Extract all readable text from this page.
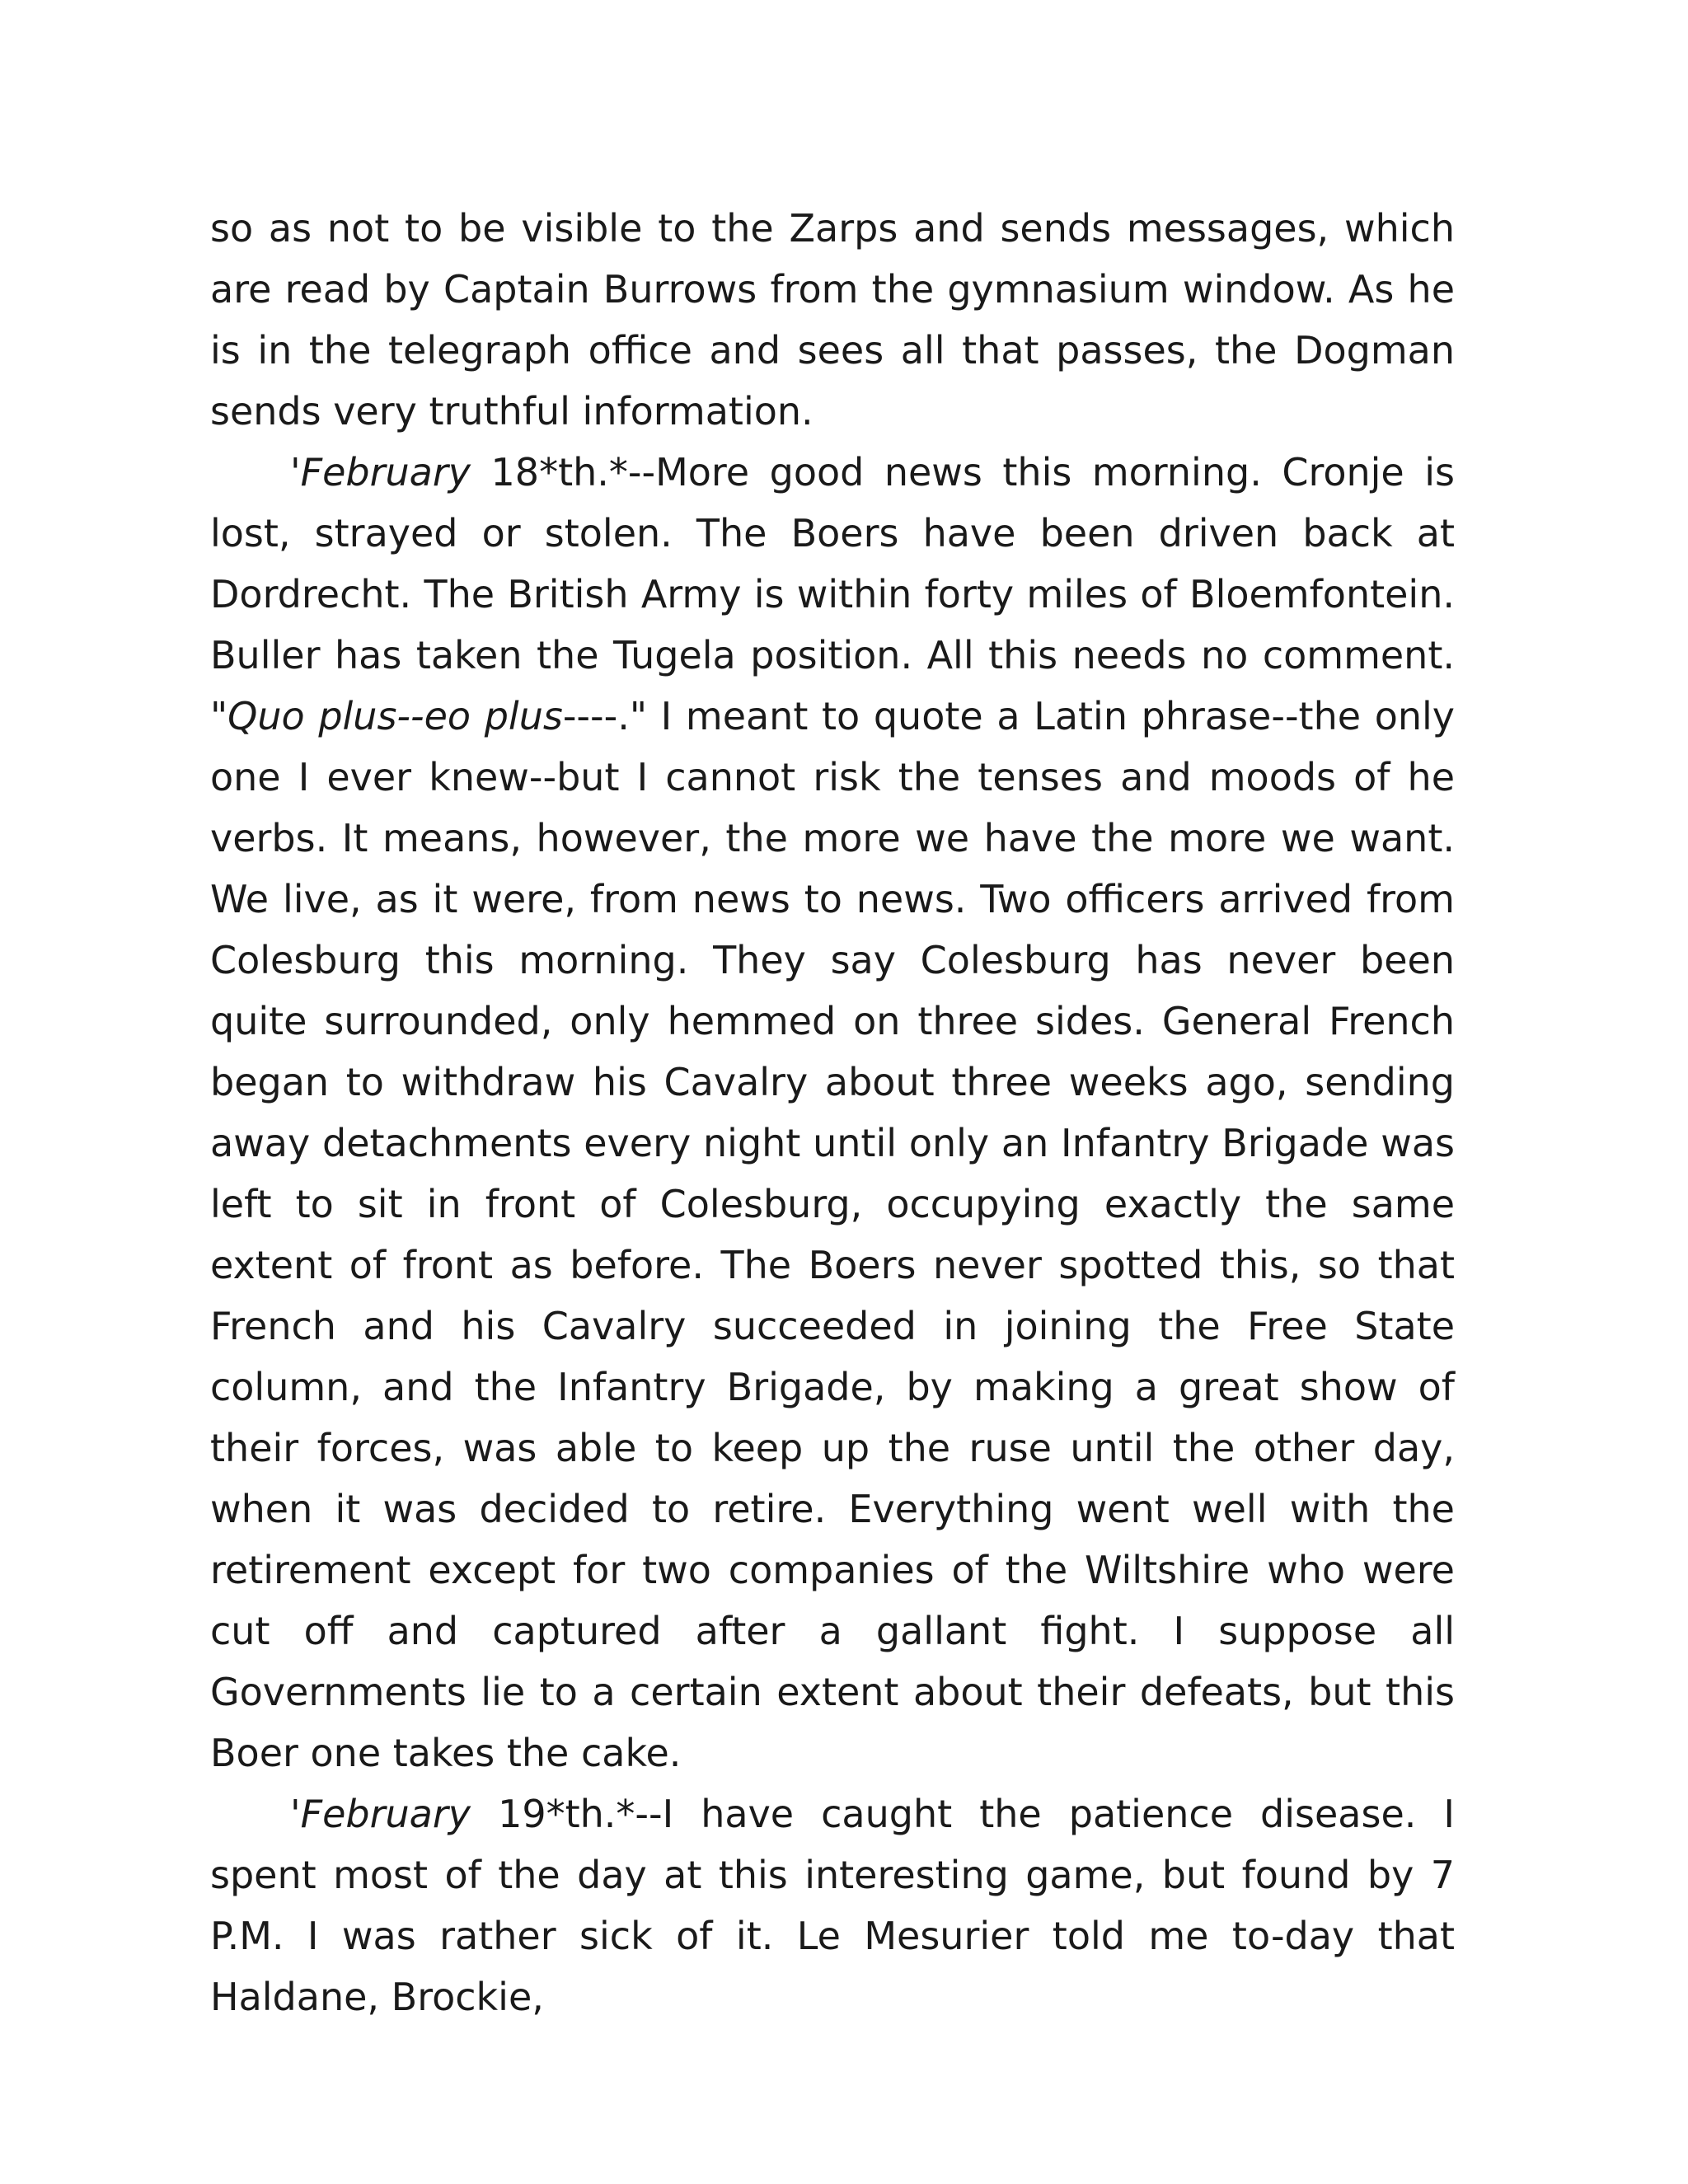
so as not to be visible to the Zarps and sends messages, which are read by Captain Burrows from the gymnasium window. As he is in the telegraph office and sees all that passes, the Dogman sends very truthful information.

'February 18*th.*--More good news this morning. Cronje is lost, strayed or stolen. The Boers have been driven back at Dordrecht. The British Army is within forty miles of Bloemfontein. Buller has taken the Tugela position. All this needs no comment. "Quo plus--eo plus----." I meant to quote a Latin phrase--the only one I ever knew--but I cannot risk the tenses and moods of he verbs. It means, however, the more we have the more we want. We live, as it were, from news to news. Two officers arrived from Colesburg this morning. They say Colesburg has never been quite surrounded, only hemmed on three sides. General French began to withdraw his Cavalry about three weeks ago, sending away detachments every night until only an Infantry Brigade was left to sit in front of Colesburg, occupying exactly the same extent of front as before. The Boers never spotted this, so that French and his Cavalry succeeded in joining the Free State column, and the Infantry Brigade, by making a great show of their forces, was able to keep up the ruse until the other day, when it was decided to retire. Everything went well with the retirement except for two companies of the Wiltshire who were cut off and captured after a gallant fight. I suppose all Governments lie to a certain extent about their defeats, but this Boer one takes the cake.

'February 19*th.*--I have caught the patience disease. I spent most of the day at this interesting game, but found by 7 P.M. I was rather sick of it. Le Mesurier told me to-day that Haldane, Brockie,
